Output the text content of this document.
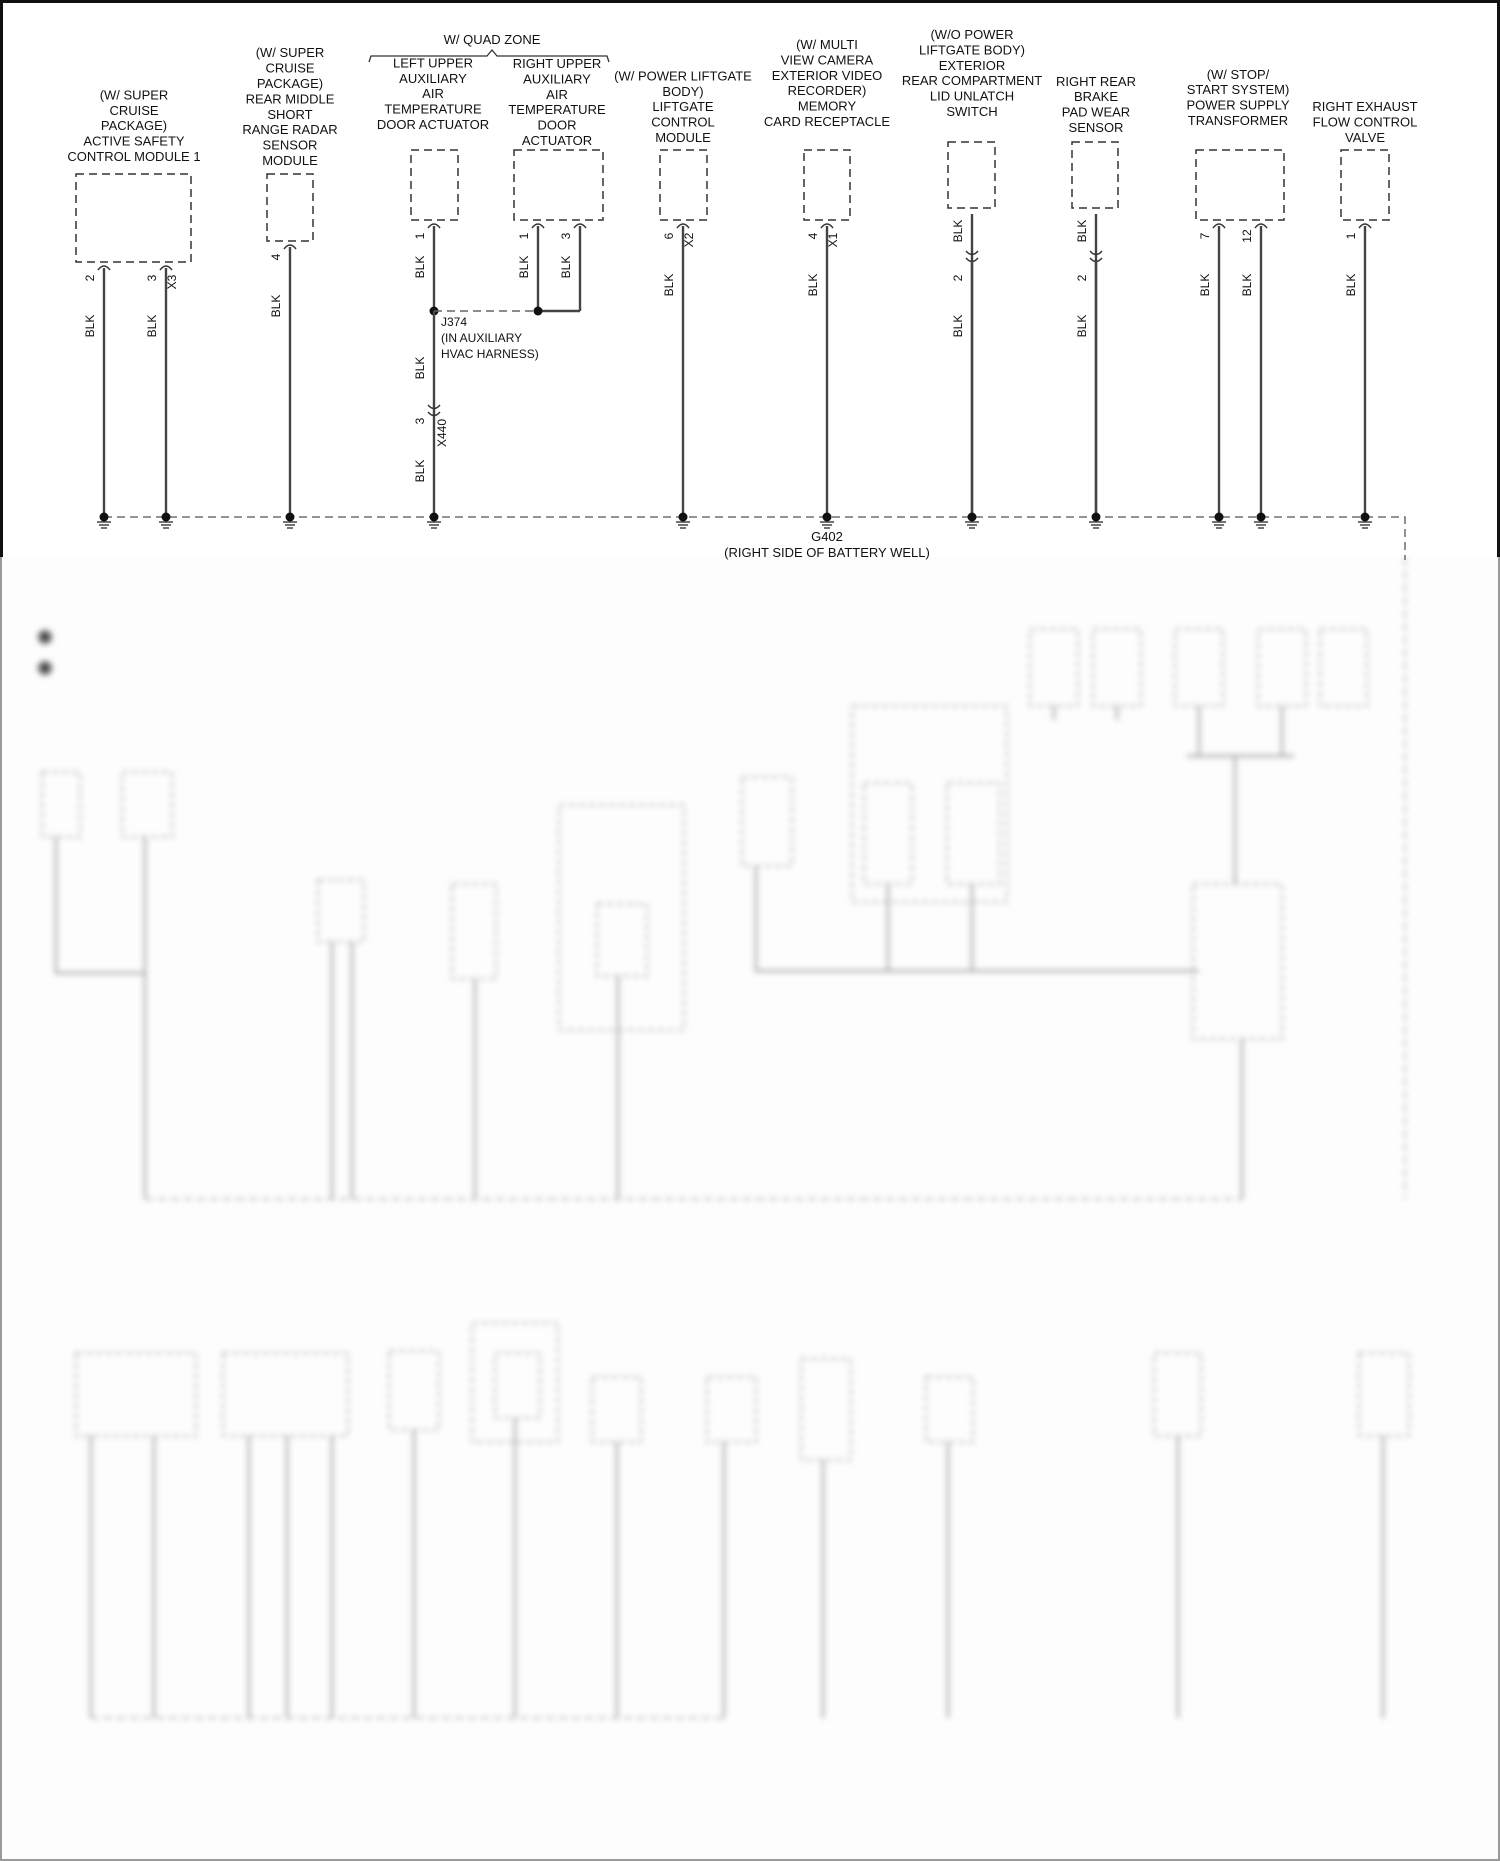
W/ QUAD ZONE
(W/ SUPER
CRUISE
PACKAGE)
ACTIVE SAFETY
CONTROL MODULE 1
2
BLK
3 X3
BLK
(W/ SUPER
CRUISE
PACKAGE)
REAR MIDDLE
SHORT
RANGE RADAR
SENSOR
MODULE
4
BLK
LEFT UPPER
AUXILIARY
AIR
TEMPERATURE
DOOR ACTUATOR
1
BLK
BLK
3 X440
BLK
RIGHT UPPER
AUXILIARY
AIR
TEMPERATURE
DOOR
ACTUATOR
1
BLK
3
BLK
(W/ POWER LIFTGATE
BODY)
LIFTGATE
CONTROL
MODULE
6 X2
BLK
(W/ MULTI
VIEW CAMERA
EXTERIOR VIDEO
RECORDER)
MEMORY
CARD RECEPTACLE
4 X1
BLK
(W/O POWER
LIFTGATE BODY)
EXTERIOR
REAR COMPARTMENT
LID UNLATCH
SWITCH
BLK
2
BLK
RIGHT REAR
BRAKE
PAD WEAR
SENSOR
BLK
2
BLK
(W/ STOP/
START SYSTEM)
POWER SUPPLY
TRANSFORMER
7
BLK
12
BLK
RIGHT EXHAUST
FLOW CONTROL
VALVE
1
BLK
J374
(IN AUXILIARY
HVAC HARNESS)
G402
(RIGHT SIDE OF BATTERY WELL)
